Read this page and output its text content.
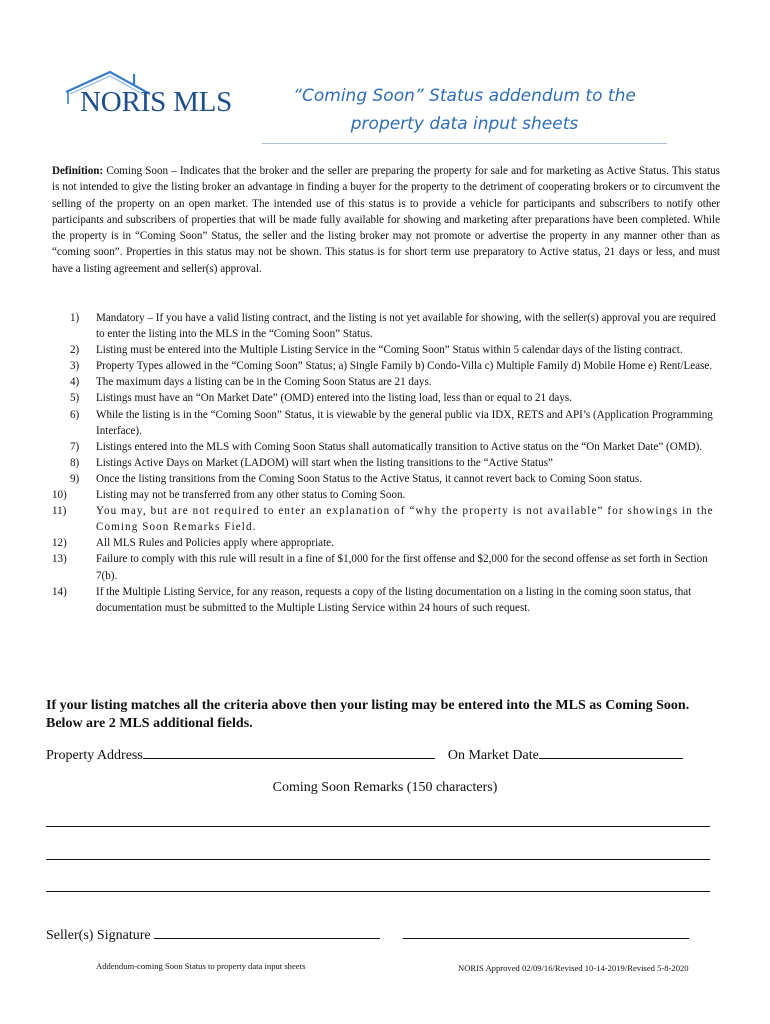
NORIS MLS	“Coming Soon” Status addendum to the
property data input sheets
Definition: Coming Soon – Indicates that the broker and the seller are preparing the property for sale and for marketing as Active Status. This status is not intended to give the listing broker an advantage in finding a buyer for the property to the detriment of cooperating brokers or to circumvent the selling of the property on an open market. The intended use of this status is to provide a vehicle for participants and subscribers to notify other participants and subscribers of properties that will be made fully available for showing and marketing after preparations have been completed. While the property is in “Coming Soon” Status, the seller and the listing broker may not promote or advertise the property in any manner other than as “coming soon”. Properties in this status may not be shown. This status is for short term use preparatory to Active status, 21 days or less, and must have a listing agreement and seller(s) approval.
1)	Mandatory – If you have a valid listing contract, and the listing is not yet available for showing, with the seller(s) approval you are required to enter the listing into the MLS in the “Coming Soon” Status.
2)	Listing must be entered into the Multiple Listing Service in the “Coming Soon” Status within 5 calendar days of the listing contract.
3)	Property Types allowed in the “Coming Soon” Status; a) Single Family b) Condo-Villa c) Multiple Family d) Mobile Home e) Rent/Lease.
4)	The maximum days a listing can be in the Coming Soon Status are 21 days.
5)	Listings must have an “On Market Date” (OMD) entered into the listing load, less than or equal to 21 days.
6)	While the listing is in the “Coming Soon” Status, it is viewable by the general public via IDX, RETS and API’s (Application Programming Interface).
7)	Listings entered into the MLS with Coming Soon Status shall automatically transition to Active status on the “On Market Date” (OMD).
8)	Listings Active Days on Market (LADOM) will start when the listing transitions to the “Active Status”
9)	Once the listing transitions from the Coming Soon Status to the Active Status, it cannot revert back to Coming Soon status.
10)	Listing may not be transferred from any other status to Coming Soon.
11)	You may, but are not required to enter an explanation of “why the property is not available” for showings in the Coming Soon Remarks Field.
12)	All MLS Rules and Policies apply where appropriate.
13)	Failure to comply with this rule will result in a fine of $1,000 for the first offense and $2,000 for the second offense as set forth in Section 7(b).
14)	If the Multiple Listing Service, for any reason, requests a copy of the listing documentation on a listing in the coming soon status, that documentation must be submitted to the Multiple Listing Service within 24 hours of such request.
If your listing matches all the criteria above then your listing may be entered into the MLS as Coming Soon. Below are 2 MLS additional fields.
Property Address	On Market Date
Coming Soon Remarks (150 characters)
Seller(s) Signature
Addendum-coming Soon Status to property data input sheets	NORIS Approved 02/09/16/Revised 10-14-2019/Revised 5-8-2020
